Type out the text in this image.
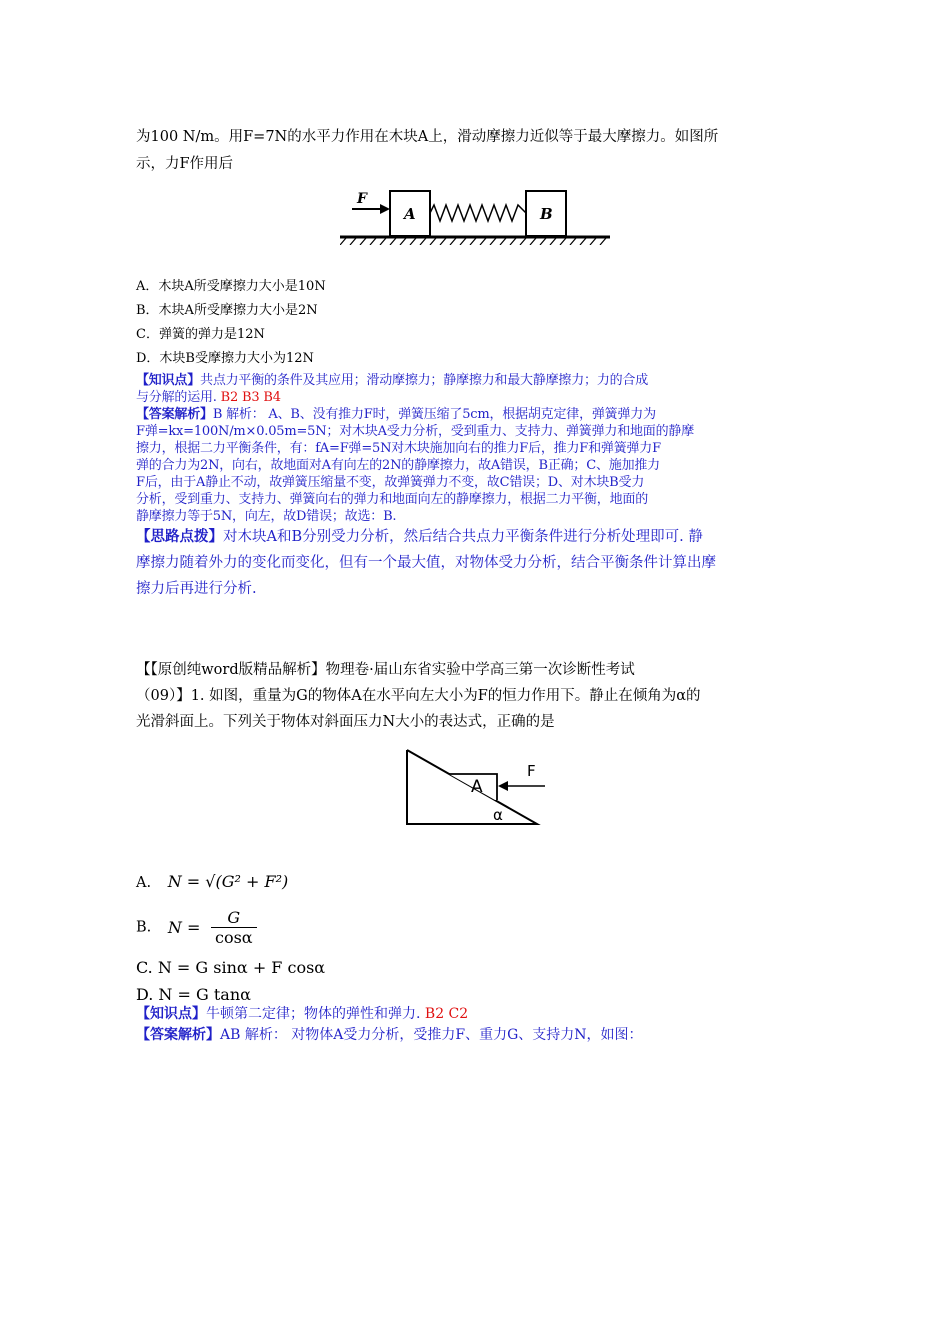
为100 N/m。用F=7N的水平力作用在木块A上，滑动摩擦力近似等于最大摩擦力。如图所
示，力F作用后
F
A	B
A．木块A所受摩擦力大小是10N
B．木块A所受摩擦力大小是2N
C．弹簧的弹力是12N
D．木块B受摩擦力大小为12N
【知识点】共点力平衡的条件及其应用；滑动摩擦力；静摩擦力和最大静摩擦力；力的合成
与分解的运用. B2 B3 B4
【答案解析】B 解析： A、B、没有推力F时，弹簧压缩了5cm，根据胡克定律，弹簧弹力为
F弹=kx=100N/m×0.05m=5N；对木块A受力分析，受到重力、支持力、弹簧弹力和地面的静摩
擦力，根据二力平衡条件，有：fA=F弹=5N对木块施加向右的推力F后，推力F和弹簧弹力F
弹的合力为2N，向右，故地面对A有向左的2N的静摩擦力，故A错误，B正确；C、施加推力
F后，由于A静止不动，故弹簧压缩量不变，故弹簧弹力不变，故C错误；D、对木块B受力
分析，受到重力、支持力、弹簧向右的弹力和地面向左的静摩擦力，根据二力平衡，地面的
静摩擦力等于5N，向左，故D错误；故选：B.
【思路点拨】对木块A和B分别受力分析，然后结合共点力平衡条件进行分析处理即可. 静
摩擦力随着外力的变化而变化，但有一个最大值，对物体受力分析，结合平衡条件计算出摩
擦力后再进行分析.
【【原创纯word版精品解析】物理卷·届山东省实验中学高三第一次诊断性考试
（09）】1. 如图，重量为G的物体A在水平向左大小为F的恒力作用下。静止在倾角为α的
光滑斜面上。下列关于物体对斜面压力N大小的表达式，正确的是
A
F
α
A. N = √(G² + F²)
B. $N = \frac{G}{\cos\alpha}$
C. N = G sinα + F cosα
D. N = G tanα
【知识点】牛顿第二定律；物体的弹性和弹力. B2 C2
【答案解析】AB 解析： 对物体A受力分析，受推力F、重力G、支持力N，如图：
